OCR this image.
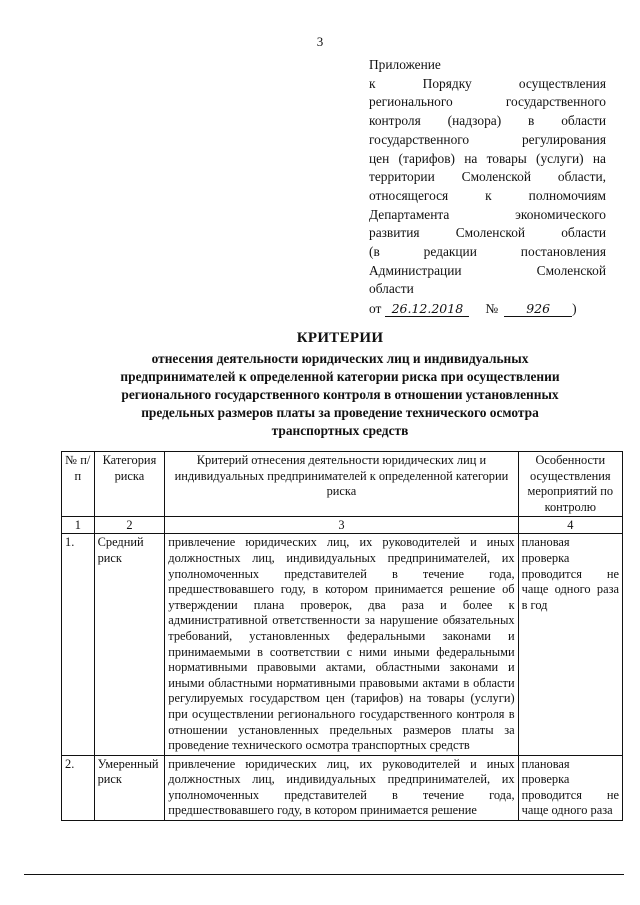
3
Приложение
к Порядку осуществления
регионального государственного
контроля (надзора) в области
государственного регулирования
цен (тарифов) на товары (услуги) на
территории Смоленской области,
относящегося к полномочиям
Департамента экономического
развития Смоленской области
(в редакции постановления
Администрации Смоленской
области
от 26.12.2018	№	926	)
КРИТЕРИИ
отнесения деятельности юридических лиц и индивидуальных
предпринимателей к определенной категории риска при осуществлении
регионального государственного контроля в отношении установленных
предельных размеров платы за проведение технического осмотра
транспортных средств
№ п/п	Категория риска	Критерий отнесения деятельности юридических лиц и индивидуальных предпринимателей к определенной категории риска	Особенности осуществления мероприятий по контролю
1	2	3	4
1.	Средний риск	привлечение юридических лиц, их руководителей и иных должностных лиц, индивидуальных предпринимателей, их уполномоченных представителей в течение года, предшествовавшего году, в котором принимается решение об утверждении плана проверок, два раза и более к административной ответственности за нарушение обязательных требований, установленных федеральными законами и принимаемыми в соответствии с ними иными федеральными нормативными правовыми актами, областными законами и иными областными нормативными правовыми актами в области регулируемых государством цен (тарифов) на товары (услуги) при осуществлении регионального государственного контроля в отношении установленных предельных размеров платы за проведение технического осмотра транспортных средств	плановая проверка проводится не чаще одного раза в год
2.	Умеренный риск	привлечение юридических лиц, их руководителей и иных должностных лиц, индивидуальных предпринимателей, их уполномоченных представителей в течение года, предшествовавшего году, в котором принимается решение	плановая проверка проводится не чаще одного раза
